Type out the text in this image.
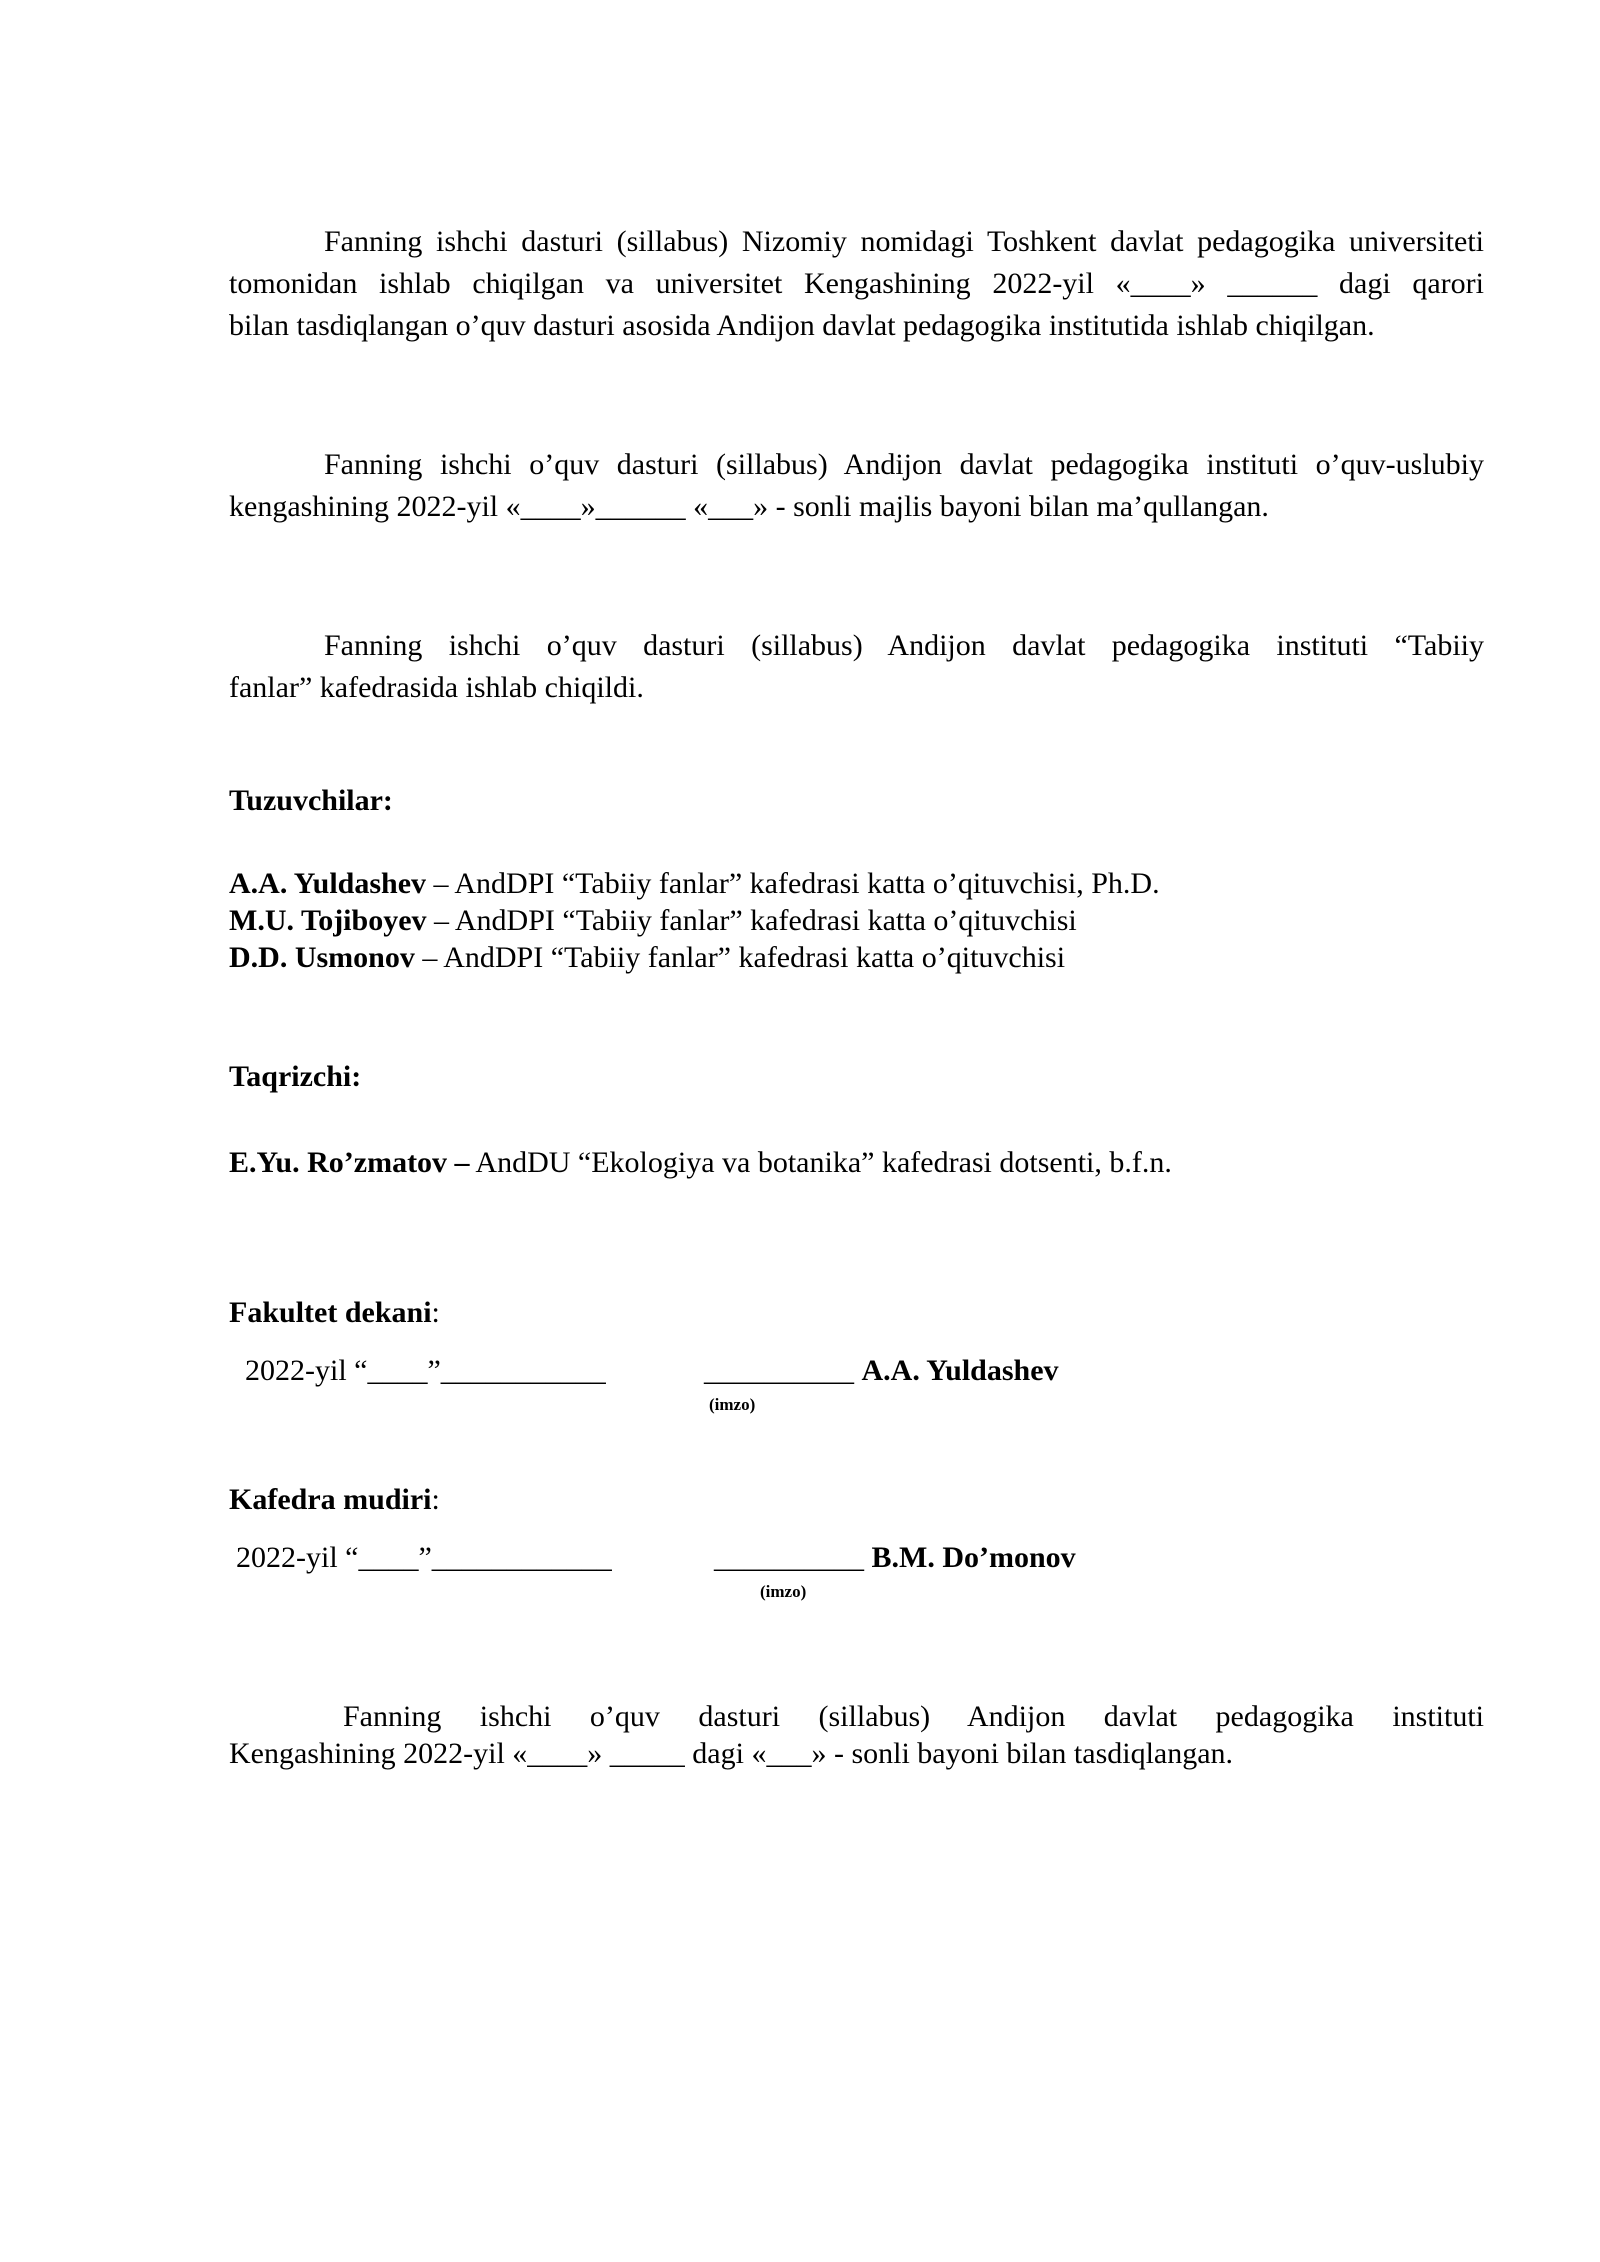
Fanning ishchi dasturi (sillabus) Nizomiy nomidagi Toshkent davlat pedagogika universiteti
tomonidan ishlab chiqilgan va universitet Kengashining 2022-yil «____» ______ dagi qarori
bilan tasdiqlangan o’quv dasturi asosida Andijon davlat pedagogika institutida ishlab chiqilgan.
Fanning ishchi o’quv dasturi (sillabus) Andijon davlat pedagogika instituti o’quv-uslubiy
kengashining 2022-yil «____»______ «___» - sonli majlis bayoni bilan ma’qullangan.
Fanning ishchi o’quv dasturi (sillabus) Andijon davlat pedagogika instituti “Tabiiy
fanlar” kafedrasida ishlab chiqildi.
Tuzuvchilar:
A.A. Yuldashev – AndDPI “Tabiiy fanlar” kafedrasi katta o’qituvchisi, Ph.D.
M.U. Tojiboyev – AndDPI “Tabiiy fanlar” kafedrasi katta o’qituvchisi
D.D. Usmonov – AndDPI “Tabiiy fanlar” kafedrasi katta o’qituvchisi
Taqrizchi:
E.Yu. Ro’zmatov – AndDU “Ekologiya va botanika” kafedrasi dotsenti, b.f.n.
Fakultet dekani:
2022-yil “____”___________	__________ A.A. Yuldashev
(imzo)
Kafedra mudiri:
2022-yil “____”____________	__________ B.M. Do’monov
(imzo)
Fanning ishchi o’quv dasturi (sillabus) Andijon davlat pedagogika instituti
Kengashining 2022-yil «____» _____ dagi «___» - sonli bayoni bilan tasdiqlangan.
